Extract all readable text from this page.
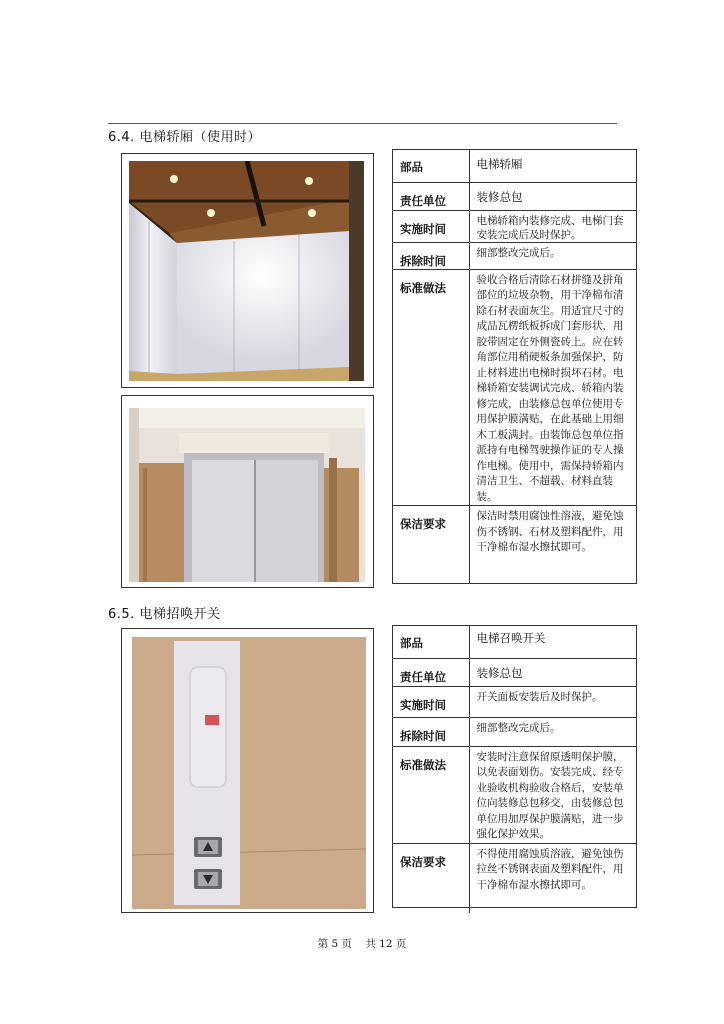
6.4. 电梯轿厢（使用时）
部品	电梯轿厢
责任单位	装修总包
实施时间	电梯轿箱内装修完成、电梯门套安装完成后及时保护。
拆除时间	细部整改完成后。
标准做法	验收合格后清除石材拼缝及拼角部位的垃圾杂物，用干净棉布清除石材表面灰尘。用适宜尺寸的成品瓦楞纸板拆成门套形状，用胶带固定在外侧瓷砖上。应在转角部位用稍硬板条加强保护，防止材料进出电梯时损坏石材。电梯轿箱安装调试完成、轿箱内装修完成，由装修总包单位使用专用保护膜满贴，在此基础上用细木工板满封。由装饰总包单位指派持有电梯驾驶操作证的专人操作电梯。使用中，需保持轿箱内清洁卫生、不超载、材料直装装。
保洁要求	保洁时禁用腐蚀性溶液，避免蚀伤不锈钢、石材及塑料配件，用干净棉布湿水擦拭即可。
6.5. 电梯招唤开关
部品	电梯召唤开关
责任单位	装修总包
实施时间	开关面板安装后及时保护。
拆除时间	细部整改完成后。
标准做法	安装时注意保留原透明保护膜，以免表面划伤。安装完成、经专业验收机构验收合格后，安装单位向装修总包移交，由装修总包单位用加厚保护膜满贴，进一步强化保护效果。
保洁要求	不得使用腐蚀质溶液，避免蚀伤拉丝不锈钢表面及塑料配件，用干净棉布湿水擦拭即可。
第 5 页    共 12 页
